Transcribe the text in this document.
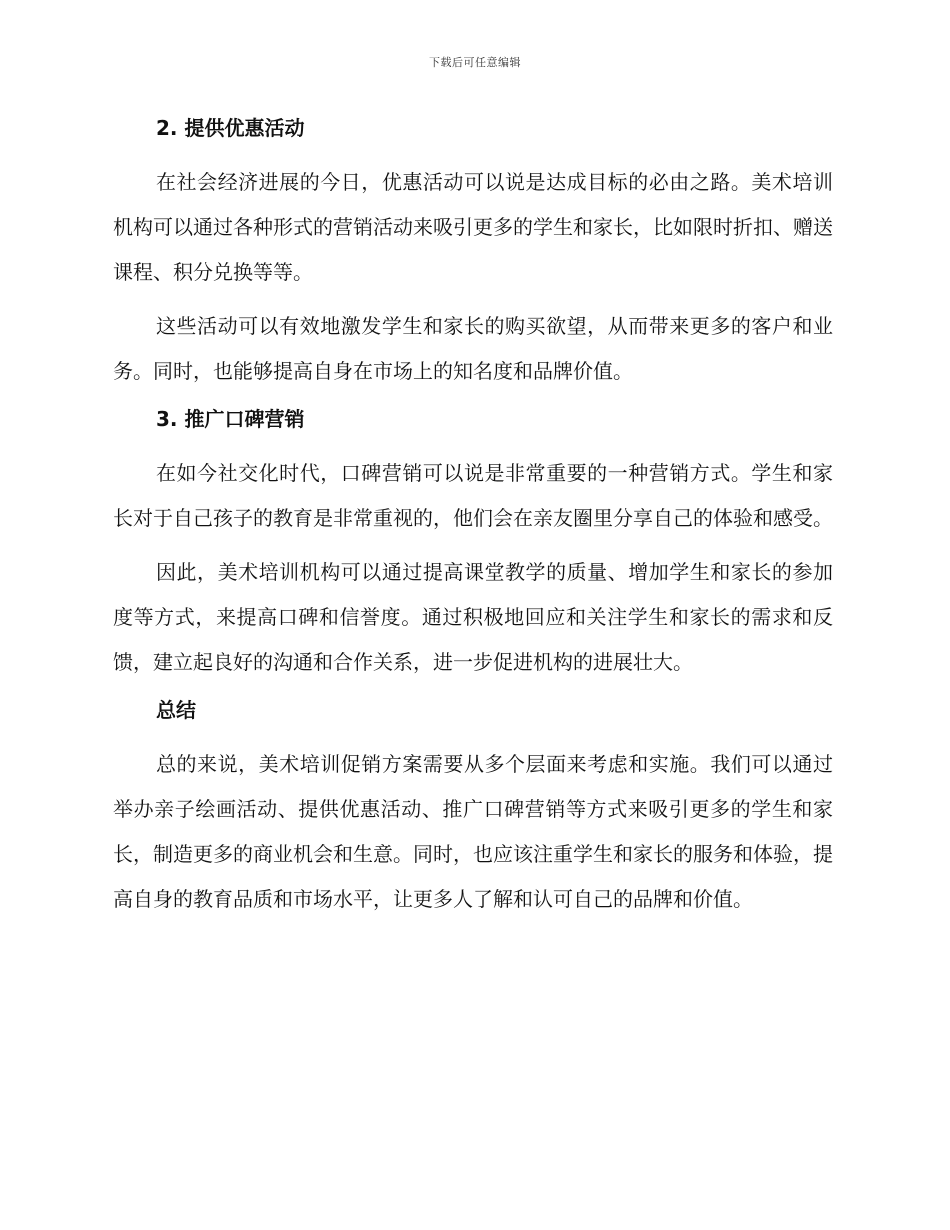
下载后可任意编辑

2. 提供优惠活动

在社会经济进展的今日，优惠活动可以说是达成目标的必由之路。美术培训机构可以通过各种形式的营销活动来吸引更多的学生和家长，比如限时折扣、赠送课程、积分兑换等等。

这些活动可以有效地激发学生和家长的购买欲望，从而带来更多的客户和业务。同时，也能够提高自身在市场上的知名度和品牌价值。

3. 推广口碑营销

在如今社交化时代，口碑营销可以说是非常重要的一种营销方式。学生和家长对于自己孩子的教育是非常重视的，他们会在亲友圈里分享自己的体验和感受。

因此，美术培训机构可以通过提高课堂教学的质量、增加学生和家长的参加度等方式，来提高口碑和信誉度。通过积极地回应和关注学生和家长的需求和反馈，建立起良好的沟通和合作关系，进一步促进机构的进展壮大。

总结

总的来说，美术培训促销方案需要从多个层面来考虑和实施。我们可以通过举办亲子绘画活动、提供优惠活动、推广口碑营销等方式来吸引更多的学生和家长，制造更多的商业机会和生意。同时，也应该注重学生和家长的服务和体验，提高自身的教育品质和市场水平，让更多人了解和认可自己的品牌和价值。
